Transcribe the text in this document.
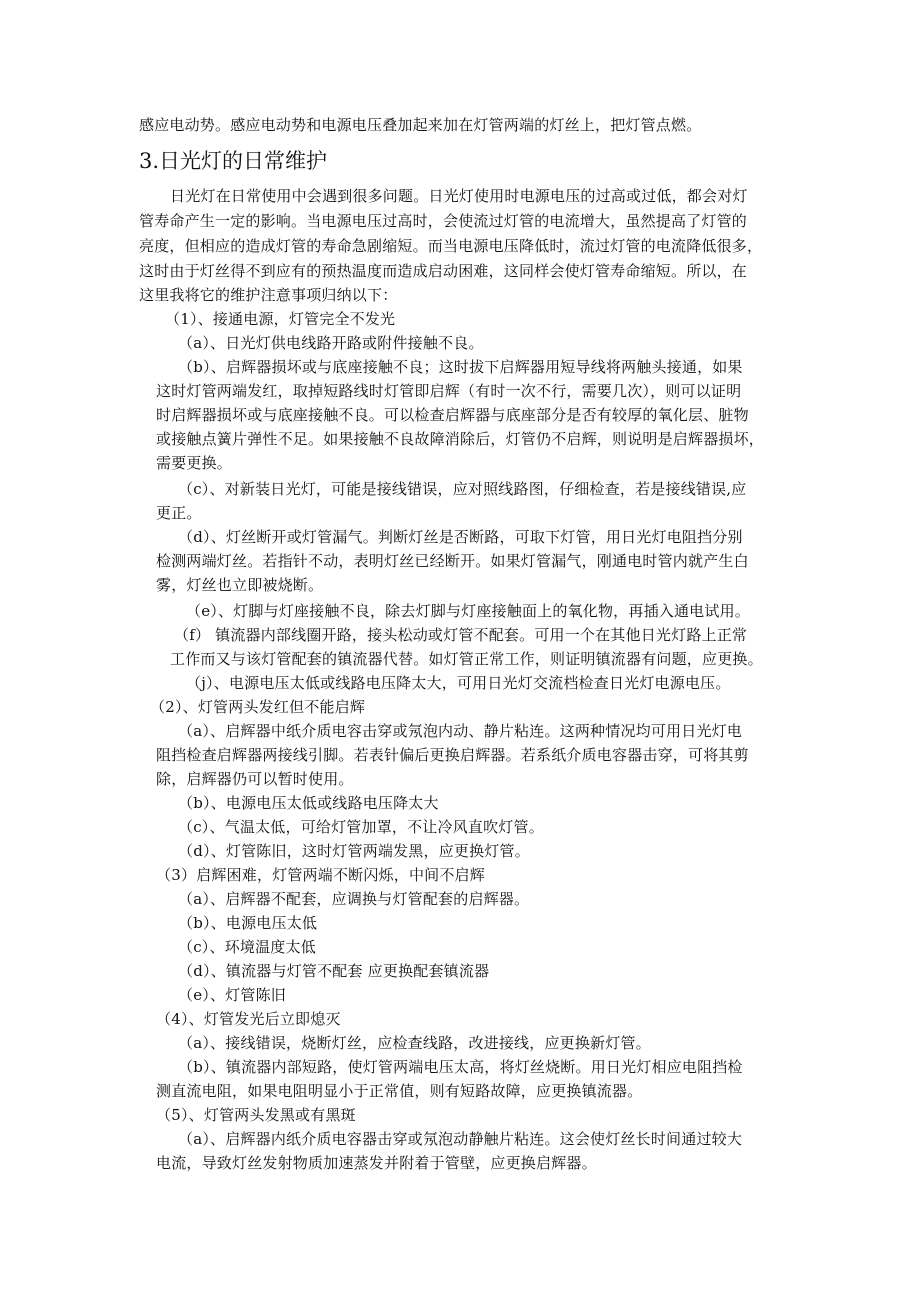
感应电动势。感应电动势和电源电压叠加起来加在灯管两端的灯丝上，把灯管点燃。
3.日光灯的日常维护
日光灯在日常使用中会遇到很多问题。日光灯使用时电源电压的过高或过低，都会对灯
管寿命产生一定的影响。当电源电压过高时，会使流过灯管的电流增大，虽然提高了灯管的
亮度，但相应的造成灯管的寿命急剧缩短。而当电源电压降低时，流过灯管的电流降低很多，
这时由于灯丝得不到应有的预热温度而造成启动困难，这同样会使灯管寿命缩短。所以，在
这里我将它的维护注意事项归纳以下：
（1）、接通电源，灯管完全不发光
（a）、日光灯供电线路开路或附件接触不良。
（b）、启辉器损坏或与底座接触不良；这时拔下启辉器用短导线将两触头接通，如果
这时灯管两端发红，取掉短路线时灯管即启辉（有时一次不行，需要几次），则可以证明
时启辉器损坏或与底座接触不良。可以检查启辉器与底座部分是否有较厚的氧化层、脏物
或接触点簧片弹性不足。如果接触不良故障消除后，灯管仍不启辉，则说明是启辉器损坏，
需要更换。
（c）、对新装日光灯，可能是接线错误，应对照线路图，仔细检查，若是接线错误,应
更正。
（d）、灯丝断开或灯管漏气。判断灯丝是否断路，可取下灯管，用日光灯电阻挡分别
检测两端灯丝。若指针不动，表明灯丝已经断开。如果灯管漏气，刚通电时管内就产生白
雾，灯丝也立即被烧断。
（e）、灯脚与灯座接触不良，除去灯脚与灯座接触面上的氧化物，再插入通电试用。
（f） 镇流器内部线圈开路，接头松动或灯管不配套。可用一个在其他日光灯路上正常
工作而又与该灯管配套的镇流器代替。如灯管正常工作，则证明镇流器有问题，应更换。
（j）、电源电压太低或线路电压降太大，可用日光灯交流档检查日光灯电源电压。
（2）、灯管两头发红但不能启辉
（a）、启辉器中纸介质电容击穿或氖泡内动、静片粘连。这两种情况均可用日光灯电
阻挡检查启辉器两接线引脚。若表针偏后更换启辉器。若系纸介质电容器击穿，可将其剪
除，启辉器仍可以暂时使用。
（b）、电源电压太低或线路电压降太大
（c）、气温太低，可给灯管加罩，不让冷风直吹灯管。
（d）、灯管陈旧，这时灯管两端发黑，应更换灯管。
（3）启辉困难，灯管两端不断闪烁，中间不启辉
（a）、启辉器不配套，应调换与灯管配套的启辉器。
（b）、电源电压太低
（c）、环境温度太低
（d）、镇流器与灯管不配套 应更换配套镇流器
（e）、灯管陈旧
（4）、灯管发光后立即熄灭
（a）、接线错误，烧断灯丝，应检查线路，改进接线，应更换新灯管。
（b）、镇流器内部短路，使灯管两端电压太高，将灯丝烧断。用日光灯相应电阻挡检
测直流电阻，如果电阻明显小于正常值，则有短路故障，应更换镇流器。
（5）、灯管两头发黑或有黑斑
（a）、启辉器内纸介质电容器击穿或氖泡动静触片粘连。这会使灯丝长时间通过较大
电流，导致灯丝发射物质加速蒸发并附着于管壁，应更换启辉器。
